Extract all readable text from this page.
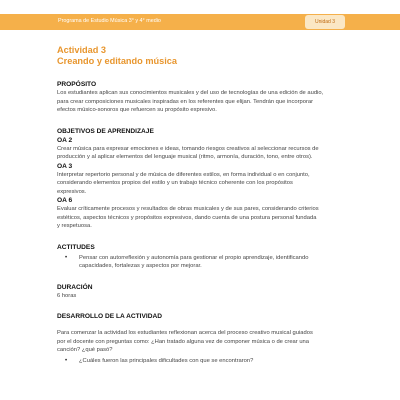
Programa de Estudio Música 3° y 4° medio	Unidad 3
Actividad 3
Creando y editando música
PROPÓSITO

Los estudiantes aplican sus conocimientos musicales y del uso de tecnologías de una edición de audio,

para crear composiciones musicales inspiradas en los referentes que elijan. Tendrán que incorporar

efectos músico-sonoros que refuercen su propósito expresivo.

OBJETIVOS DE APRENDIZAJE
OA 2

Crear música para expresar emociones e ideas, tomando riesgos creativos al seleccionar recursos de

producción y al aplicar elementos del lenguaje musical (ritmo, armonía, duración, tono, entre otros).

OA 3

Interpretar repertorio personal y de música de diferentes estilos, en forma individual o en conjunto,

considerando elementos propios del estilo y un trabajo técnico coherente con los propósitos

expresivos.

OA 6

Evaluar críticamente procesos y resultados de obras musicales y de sus pares, considerando criterios

estéticos, aspectos técnicos y propósitos expresivos, dando cuenta de una postura personal fundada

y respetuosa.

ACTITUDES
• Pensar con autorreflexión y autonomía para gestionar el propio aprendizaje, identificando
capacidades, fortalezas y aspectos por mejorar.
DURACIÓN

6 horas

DESARROLLO DE LA ACTIVIDAD

Para comenzar la actividad los estudiantes reflexionan acerca del proceso creativo musical guiados

por el docente con preguntas como: ¿Han tratado alguna vez de componer música o de crear una

canción? ¿qué pasó?

• ¿Cuáles fueron las principales dificultades con que se encontraron?
